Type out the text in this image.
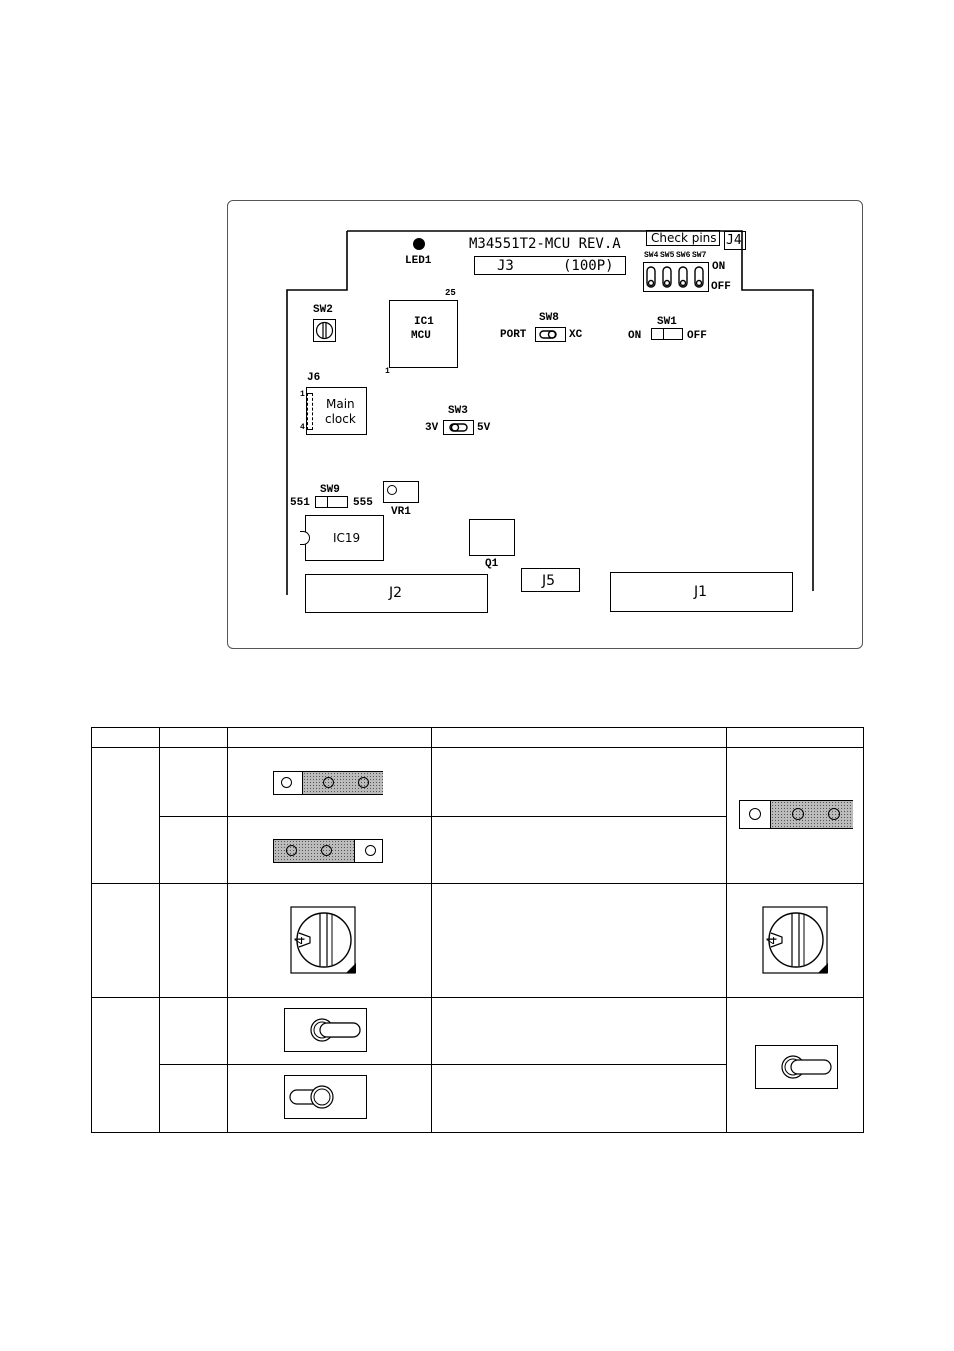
LED1
M34551T2-MCU REV.A	Check pins J4
J3	(100P)
SW4 SW5 SW6 SW7
ON
OFF
SW2
IC1
MCU
25
1
SW8
PORT	XC
SW1
ON	OFF
J6
1
4
Main
clock
SW3
3V	5V
SW9
551	555
VR1
IC19
Q1
J5
J2	J1
4	4
